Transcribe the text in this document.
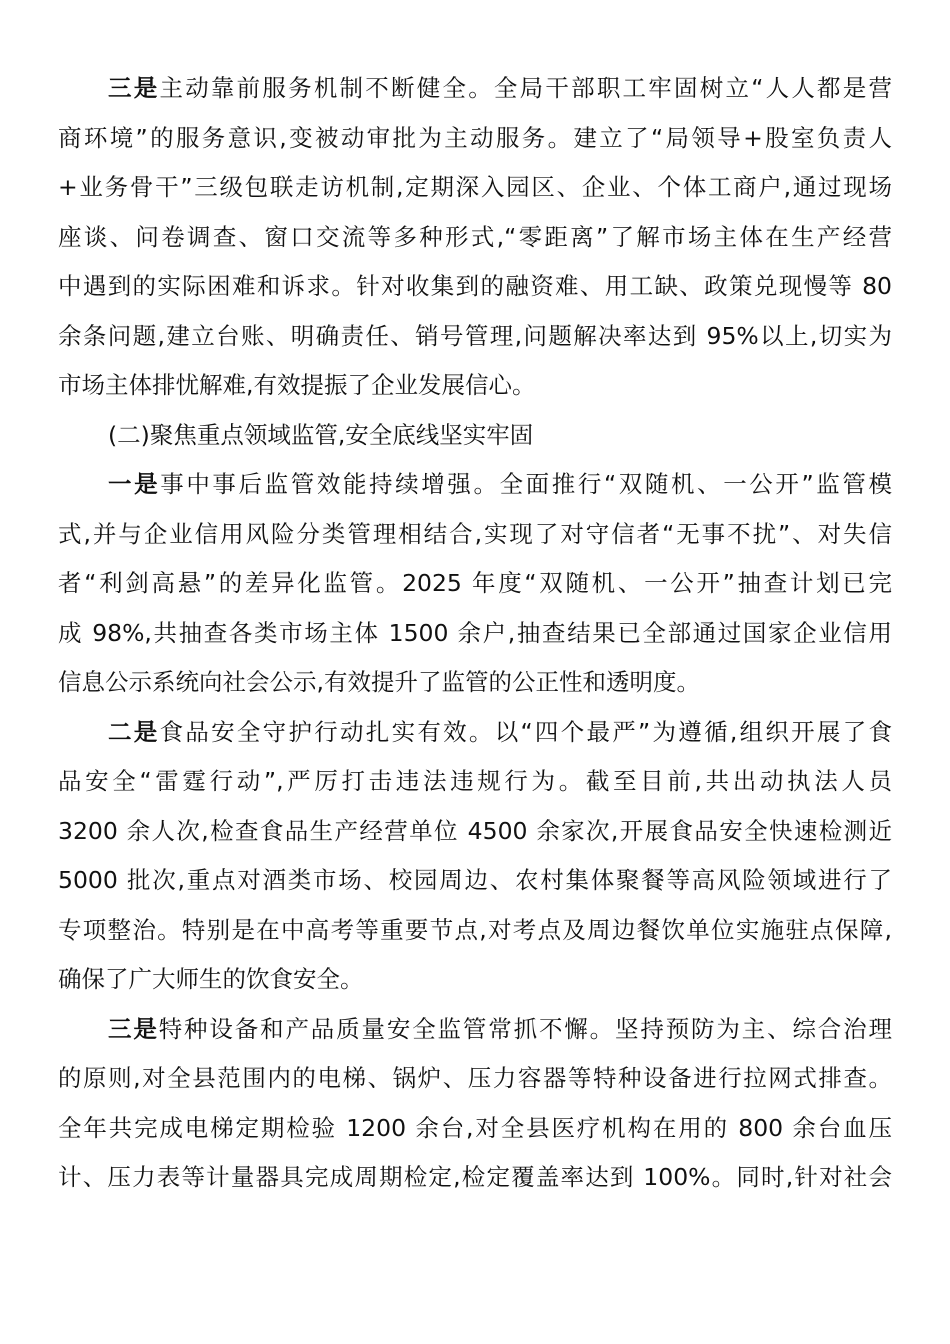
三是主动靠前服务机制不断健全。全局干部职工牢固树立“人人都是营
商环境”的服务意识,变被动审批为主动服务。建立了“局领导+股室负责人
+业务骨干”三级包联走访机制,定期深入园区、企业、个体工商户,通过现场
座谈、问卷调查、窗口交流等多种形式,“零距离”了解市场主体在生产经营
中遇到的实际困难和诉求。针对收集到的融资难、用工缺、政策兑现慢等 80
余条问题,建立台账、明确责任、销号管理,问题解决率达到 95%以上,切实为
市场主体排忧解难,有效提振了企业发展信心。
(二)聚焦重点领域监管,安全底线坚实牢固
一是事中事后监管效能持续增强。全面推行“双随机、一公开”监管模
式,并与企业信用风险分类管理相结合,实现了对守信者“无事不扰”、对失信
者“利剑高悬”的差异化监管。2025 年度“双随机、一公开”抽查计划已完
成 98%,共抽查各类市场主体 1500 余户,抽查结果已全部通过国家企业信用
信息公示系统向社会公示,有效提升了监管的公正性和透明度。
二是食品安全守护行动扎实有效。以“四个最严”为遵循,组织开展了食
品安全“雷霆行动”,严厉打击违法违规行为。截至目前,共出动执法人员
3200 余人次,检查食品生产经营单位 4500 余家次,开展食品安全快速检测近
5000 批次,重点对酒类市场、校园周边、农村集体聚餐等高风险领域进行了
专项整治。特别是在中高考等重要节点,对考点及周边餐饮单位实施驻点保障,
确保了广大师生的饮食安全。
三是特种设备和产品质量安全监管常抓不懈。坚持预防为主、综合治理
的原则,对全县范围内的电梯、锅炉、压力容器等特种设备进行拉网式排查。
全年共完成电梯定期检验 1200 余台,对全县医疗机构在用的 800 余台血压
计、压力表等计量器具完成周期检定,检定覆盖率达到 100%。同时,针对社会
